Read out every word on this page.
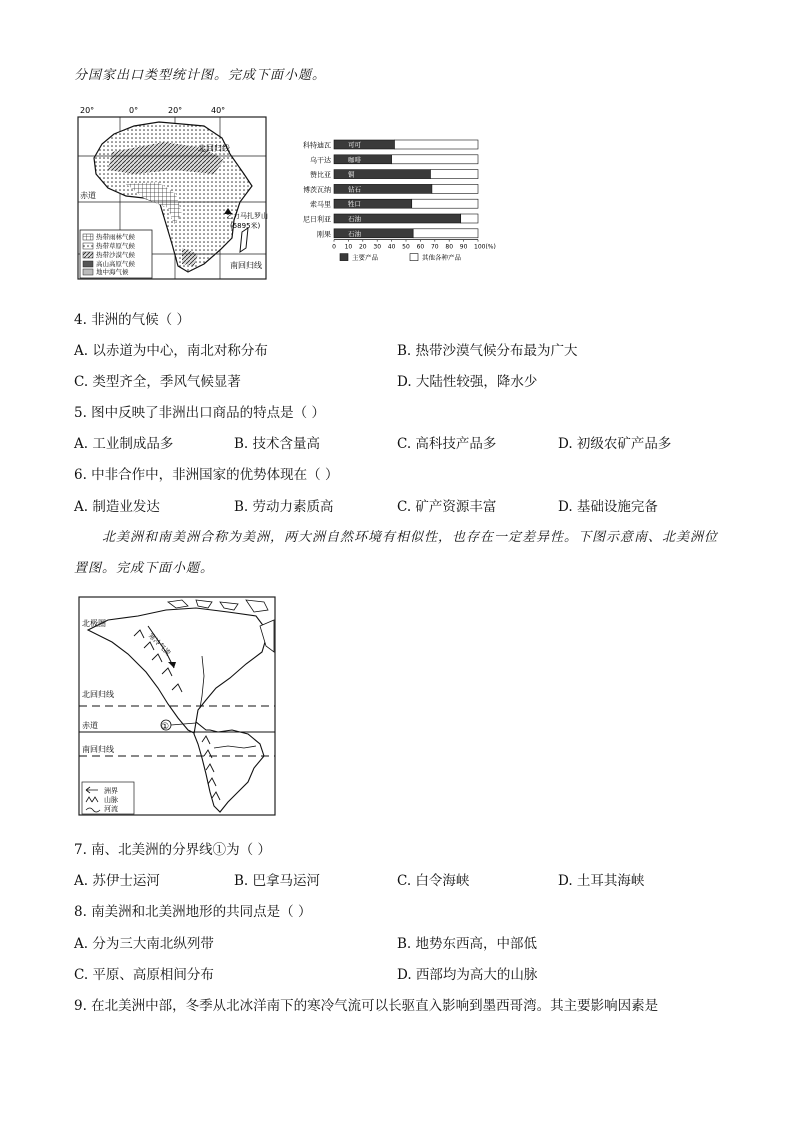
分国家出口类型统计图。完成下面小题。
20°	0°	20°	40°
北回归线
赤道
南回归线
乞力马扎罗山
(5895米)
热带雨林气候
热带草原气候
热带沙漠气候
高山高原气候
地中海气候
科特迪瓦	可可
乌干达	咖啡
赞比亚	铜
博茨瓦纳	钻石
索马里	牲口
尼日利亚	石油
刚果	石油
0 10 20 30 40 50 60 70 80 90 100(%)
主要产品	其他各种产品
4. 非洲的气候（ ）
A. 以赤道为中心，南北对称分布	B. 热带沙漠气候分布最为广大
C. 类型齐全，季风气候显著	D. 大陆性较强，降水少
5. 图中反映了非洲出口商品的特点是（ ）
A. 工业制成品多	B. 技术含量高	C. 高科技产品多	D. 初级农矿产品多
6. 中非合作中，非洲国家的优势体现在（ ）
A. 制造业发达	B. 劳动力素质高	C. 矿产资源丰富	D. 基础设施完备
北美洲和南美洲合称为美洲，两大洲自然环境有相似性，也存在一定差异性。下图示意南、北美洲位
置图。完成下面小题。
寒冷气流
北极圈
北回归线
赤道	①
南回归线
洲界
山脉
河流
7. 南、北美洲的分界线①为（ ）
A. 苏伊士运河	B. 巴拿马运河	C. 白令海峡	D. 土耳其海峡
8. 南美洲和北美洲地形的共同点是（ ）
A. 分为三大南北纵列带	B. 地势东西高，中部低
C. 平原、高原相间分布	D. 西部均为高大的山脉
9. 在北美洲中部，冬季从北冰洋南下的寒冷气流可以长驱直入影响到墨西哥湾。其主要影响因素是
